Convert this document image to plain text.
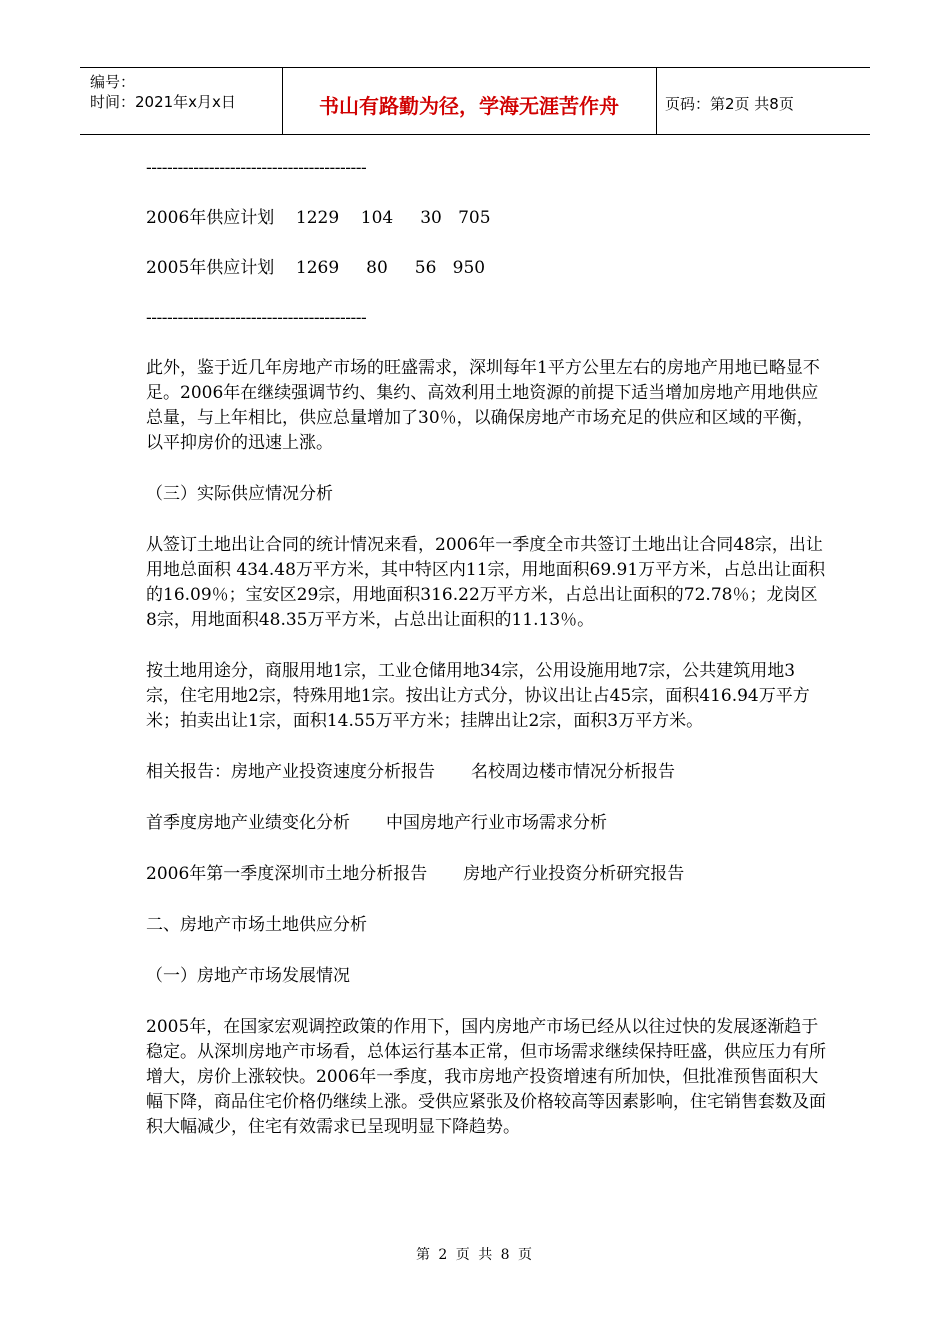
编号：
时间：2021年x月x日	书山有路勤为径，学海无涯苦作舟	页码：第2页 共8页

------------------------------------------

2006年供应计划    1229    104     30   705

2005年供应计划    1269     80     56   950

------------------------------------------

此外，鉴于近几年房地产市场的旺盛需求，深圳每年1平方公里左右的房地产用地已略显不足。2006年在继续强调节约、集约、高效利用土地资源的前提下适当增加房地产用地供应总量，与上年相比，供应总量增加了30％，以确保房地产市场充足的供应和区域的平衡，以平抑房价的迅速上涨。

（三）实际供应情况分析

从签订土地出让合同的统计情况来看，2006年一季度全市共签订土地出让合同48宗，出让用地总面积 434.48万平方米，其中特区内11宗，用地面积69.91万平方米，占总出让面积的16.09％；宝安区29宗，用地面积316.22万平方米，占总出让面积的72.78％；龙岗区8宗，用地面积48.35万平方米，占总出让面积的11.13％。

按土地用途分，商服用地1宗，工业仓储用地34宗，公用设施用地7宗，公共建筑用地3宗，住宅用地2宗，特殊用地1宗。按出让方式分，协议出让占45宗，面积416.94万平方米；拍卖出让1宗，面积14.55万平方米；挂牌出让2宗，面积3万平方米。

相关报告：房地产业投资速度分析报告 名校周边楼市情况分析报告

首季度房地产业绩变化分析 中国房地产行业市场需求分析

2006年第一季度深圳市土地分析报告 房地产行业投资分析研究报告

二、房地产市场土地供应分析

（一）房地产市场发展情况

2005年，在国家宏观调控政策的作用下，国内房地产市场已经从以往过快的发展逐渐趋于稳定。从深圳房地产市场看，总体运行基本正常，但市场需求继续保持旺盛，供应压力有所增大，房价上涨较快。2006年一季度，我市房地产投资增速有所加快，但批准预售面积大幅下降，商品住宅价格仍继续上涨。受供应紧张及价格较高等因素影响，住宅销售套数及面积大幅减少，住宅有效需求已呈现明显下降趋势。

第 2 页 共 8 页
